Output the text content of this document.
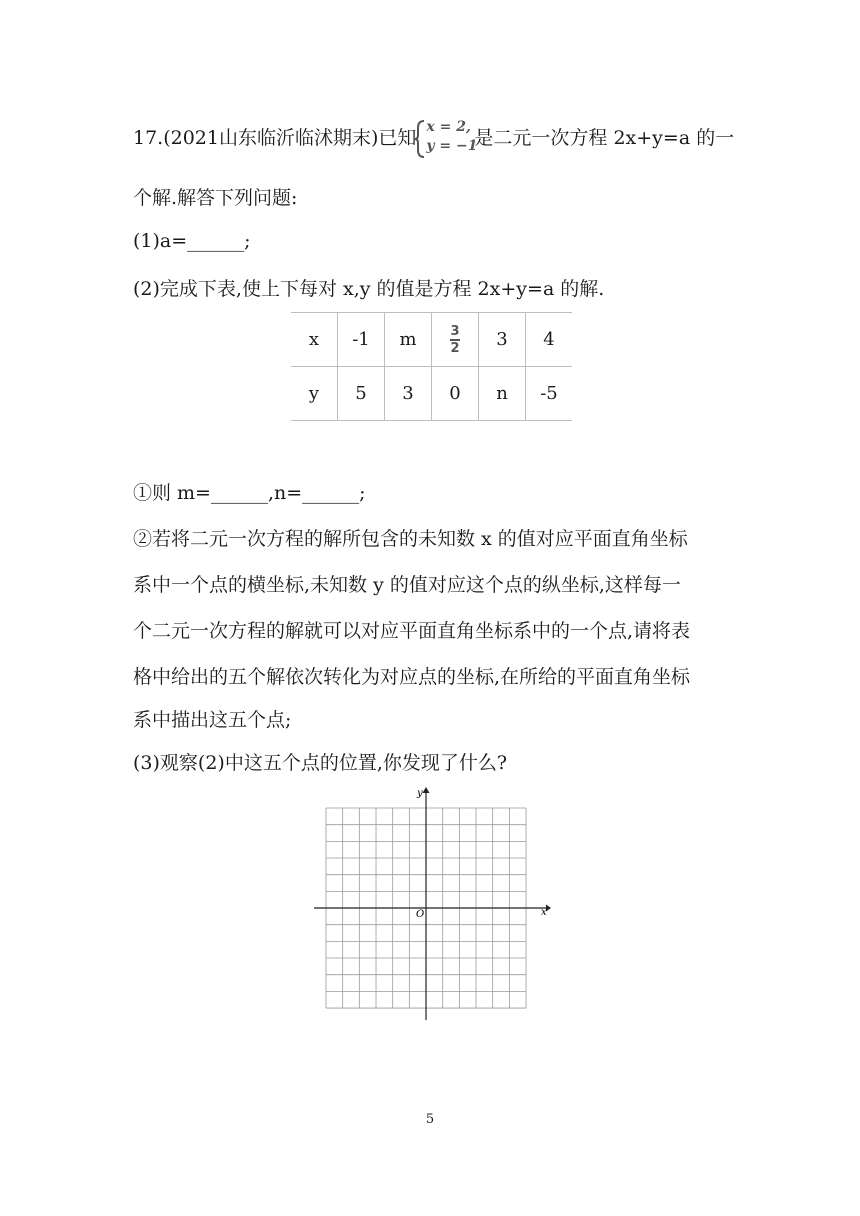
17.(2021山东临沂临沭期末)已知 x = 2,
y = −1
是二元一次方程 2x+y=a 的一
个解.解答下列问题:
(1)a=______;
(2)完成下表,使上下每对 x,y 的值是方程 2x+y=a 的解.
x	-1	m	$\frac{3}{2}$	3	4
y	5	3	0	n	-5
①则 m=______,n=______;
②若将二元一次方程的解所包含的未知数 x 的值对应平面直角坐标
系中一个点的横坐标,未知数 y 的值对应这个点的纵坐标,这样每一
个二元一次方程的解就可以对应平面直角坐标系中的一个点,请将表
格中给出的五个解依次转化为对应点的坐标,在所给的平面直角坐标
系中描出这五个点;
(3)观察(2)中这五个点的位置,你发现了什么?
x
y
O
5
